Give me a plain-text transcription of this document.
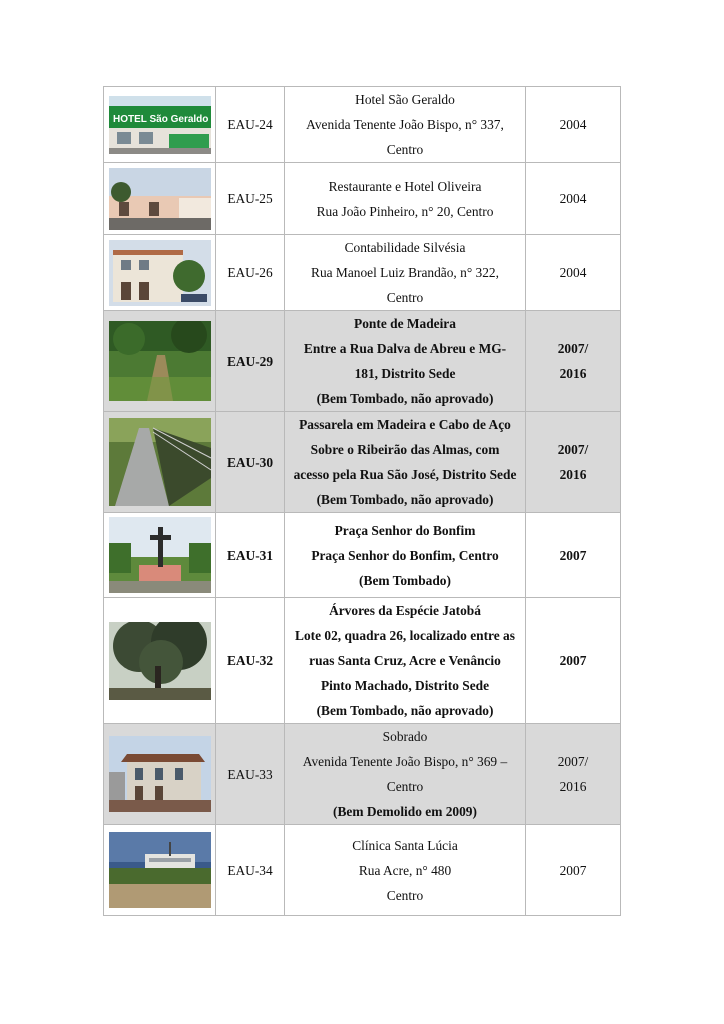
HOTEL São Geraldo	EAU-24	Hotel São Geraldo
Avenida Tenente João Bispo, n° 337,
Centro	2004

	EAU-25	Restaurante e Hotel Oliveira
Rua João Pinheiro, n° 20, Centro	2004

	EAU-26	Contabilidade Silvésia
Rua Manoel Luiz Brandão, n° 322,
Centro	2004

	EAU-29	Ponte de Madeira
Entre a Rua Dalva de Abreu e MG-
181, Distrito Sede
(Bem Tombado, não aprovado)	2007/
2016

	EAU-30	Passarela em Madeira e Cabo de Aço
Sobre o Ribeirão das Almas, com
acesso pela Rua São José, Distrito Sede
(Bem Tombado, não aprovado)	2007/
2016

	EAU-31	Praça Senhor do Bonfim
Praça Senhor do Bonfim, Centro
(Bem Tombado)	2007

	EAU-32	Árvores da Espécie Jatobá
Lote 02, quadra 26, localizado entre as
ruas Santa Cruz, Acre e Venâncio
Pinto Machado, Distrito Sede
(Bem Tombado, não aprovado)	2007

	EAU-33	Sobrado
Avenida Tenente João Bispo, n° 369 –
Centro
(Bem Demolido em 2009)	2007/
2016

	EAU-34	Clínica Santa Lúcia
Rua Acre, n° 480
Centro	2007
